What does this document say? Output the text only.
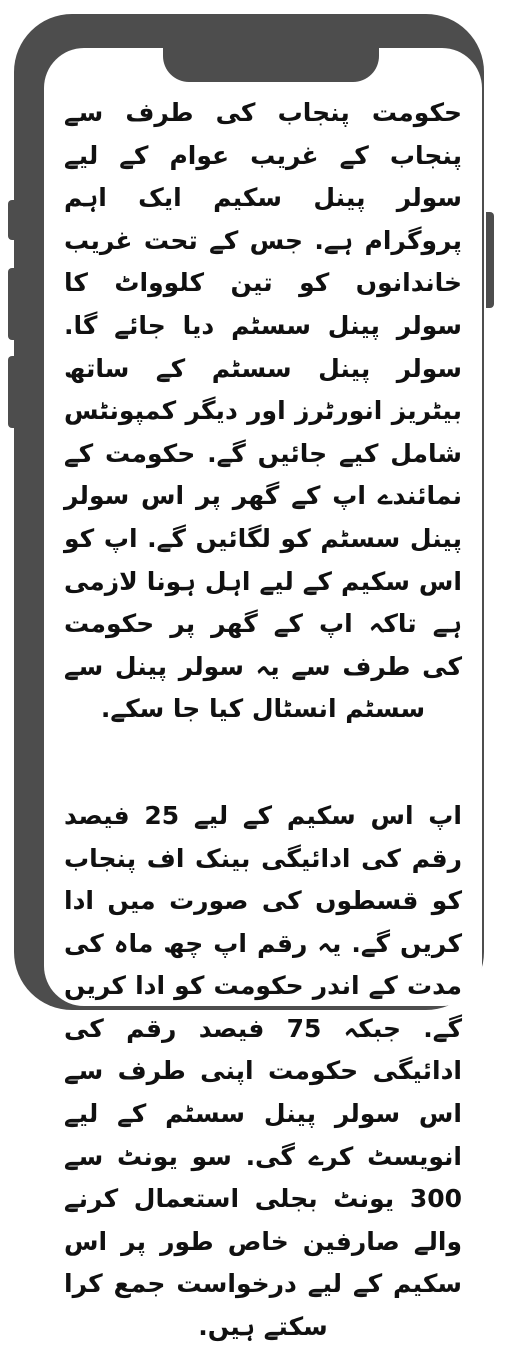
حکومت پنجاب کی طرف سے پنجاب کے غریب عوام کے لیے سولر پینل سکیم ایک اہم پروگرام ہے. جس کے تحت غریب خاندانوں کو تین کلوواٹ کا سولر پینل سسٹم دیا جائے گا. سولر پینل سسٹم کے ساتھ بیٹریز انورٹرز اور دیگر کمپونٹس شامل کیے جائیں گے. حکومت کے نمائندے اپ کے گھر پر اس سولر پینل سسٹم کو لگائیں گے. اپ کو اس سکیم کے لیے اہل ہونا لازمی ہے تاکہ اپ کے گھر پر حکومت کی طرف سے یہ سولر پینل سے سسٹم انسٹال کیا جا سکے.

اپ اس سکیم کے لیے 25 فیصد رقم کی ادائیگی بینک اف پنجاب کو قسطوں کی صورت میں ادا کریں گے. یہ رقم اپ چھ ماہ کی مدت کے اندر حکومت کو ادا کریں گے. جبکہ 75 فیصد رقم کی ادائیگی حکومت اپنی طرف سے اس سولر پینل سسٹم کے لیے انویسٹ کرے گی. سو یونٹ سے 300 یونٹ بجلی استعمال کرنے والے صارفین خاص طور پر اس سکیم کے لیے درخواست جمع کرا سکتے ہیں.
